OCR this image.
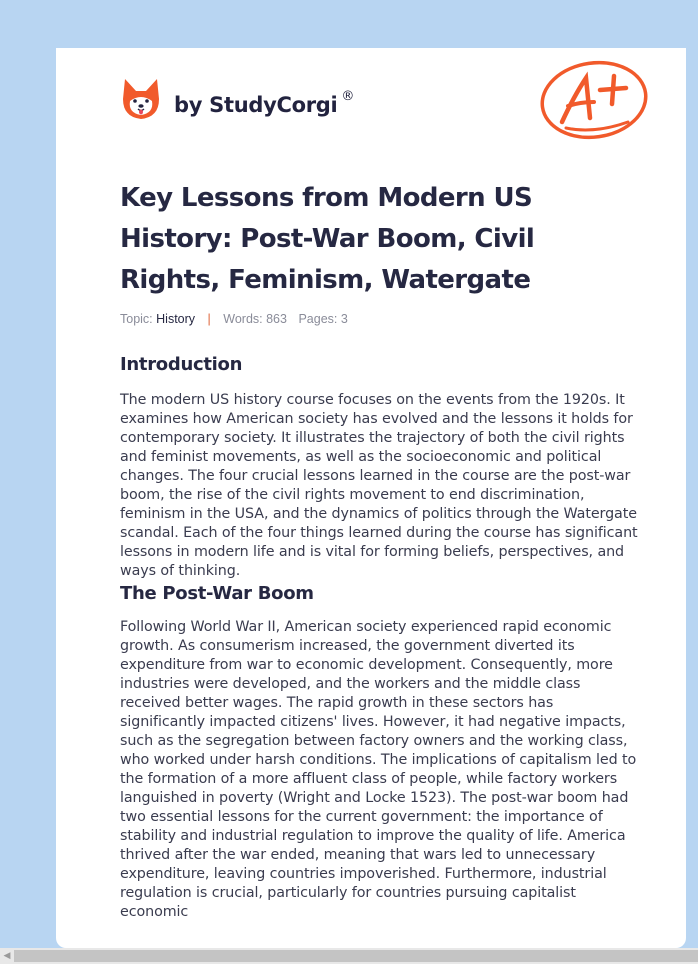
by StudyCorgi ®
Key Lessons from Modern US History: Post-War Boom, Civil Rights, Feminism, Watergate
Topic: History | Words: 863 Pages: 3
Introduction

The modern US history course focuses on the events from the 1920s. It examines how American society has evolved and the lessons it holds for contemporary society. It illustrates the trajectory of both the civil rights and feminist movements, as well as the socioeconomic and political changes. The four crucial lessons learned in the course are the post-war boom, the rise of the civil rights movement to end discrimination, feminism in the USA, and the dynamics of politics through the Watergate scandal. Each of the four things learned during the course has significant lessons in modern life and is vital for forming beliefs, perspectives, and ways of thinking.

The Post-War Boom

Following World War II, American society experienced rapid economic growth. As consumerism increased, the government diverted its expenditure from war to economic development. Consequently, more industries were developed, and the workers and the middle class received better wages. The rapid growth in these sectors has significantly impacted citizens' lives. However, it had negative impacts, such as the segregation between factory owners and the working class, who worked under harsh conditions. The implications of capitalism led to the formation of a more affluent class of people, while factory workers languished in poverty (Wright and Locke 1523). The post-war boom had two essential lessons for the current government: the importance of stability and industrial regulation to improve the quality of life. America thrived after the war ended, meaning that wars led to unnecessary expenditure, leaving countries impoverished. Furthermore, industrial regulation is crucial, particularly for countries pursuing capitalist economic

◀
